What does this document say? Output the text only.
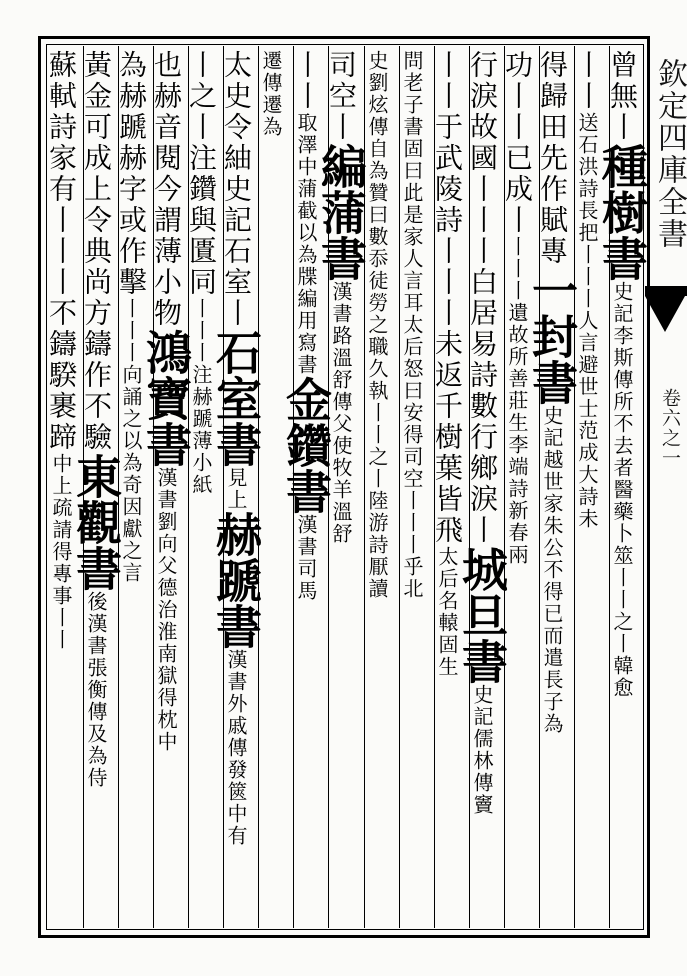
欽定四庫全書
卷六之一
曾無丨種樹書史記李斯傳所不去者醫藥卜筮丨丨之丨韓愈
丨丨送石洪詩長把丨丨丨人言避世士范成大詩未
得歸田先作賦專一封書史記越世家朱公不得已而遣長子為
功丨丨已成丨丨丨丨遺故所善莊生李端詩新春兩
行淚故國丨丨丨白居易詩數行鄉淚丨城旦書史記儒林傳竇
丨丨于武陵詩丨丨丨未返千樹葉皆飛太后名轅固生
問老子書固曰此是家人言耳太后怒曰安得司空丨丨丨乎北
史劉炫傳自為贊曰數忝徒勞之職久執丨丨之丨陸游詩厭讀
司空丨編蒲書漢書路溫舒傳父使牧羊溫舒
丨丨取澤中蒲截以為牒編用寫書金鑽書漢書司馬
遷傳遷為
太史令紬史記石室丨石室書見上赫蹏書漢書外戚傳發篋中有
丨之丨注鑽與匱同丨丨丨注赫蹏薄小紙
也赫音閱今謂薄小物鴻寶書漢書劉向父德治淮南獄得枕中
為赫蹏赫字或作擊丨丨丨向誦之以為奇因獻之言
黃金可成上令典尚方鑄作不驗東觀書後漢書張衡傳及為侍
蘇軾詩家有丨丨丨不鑄騤裹蹄中上疏請得專事丨丨
